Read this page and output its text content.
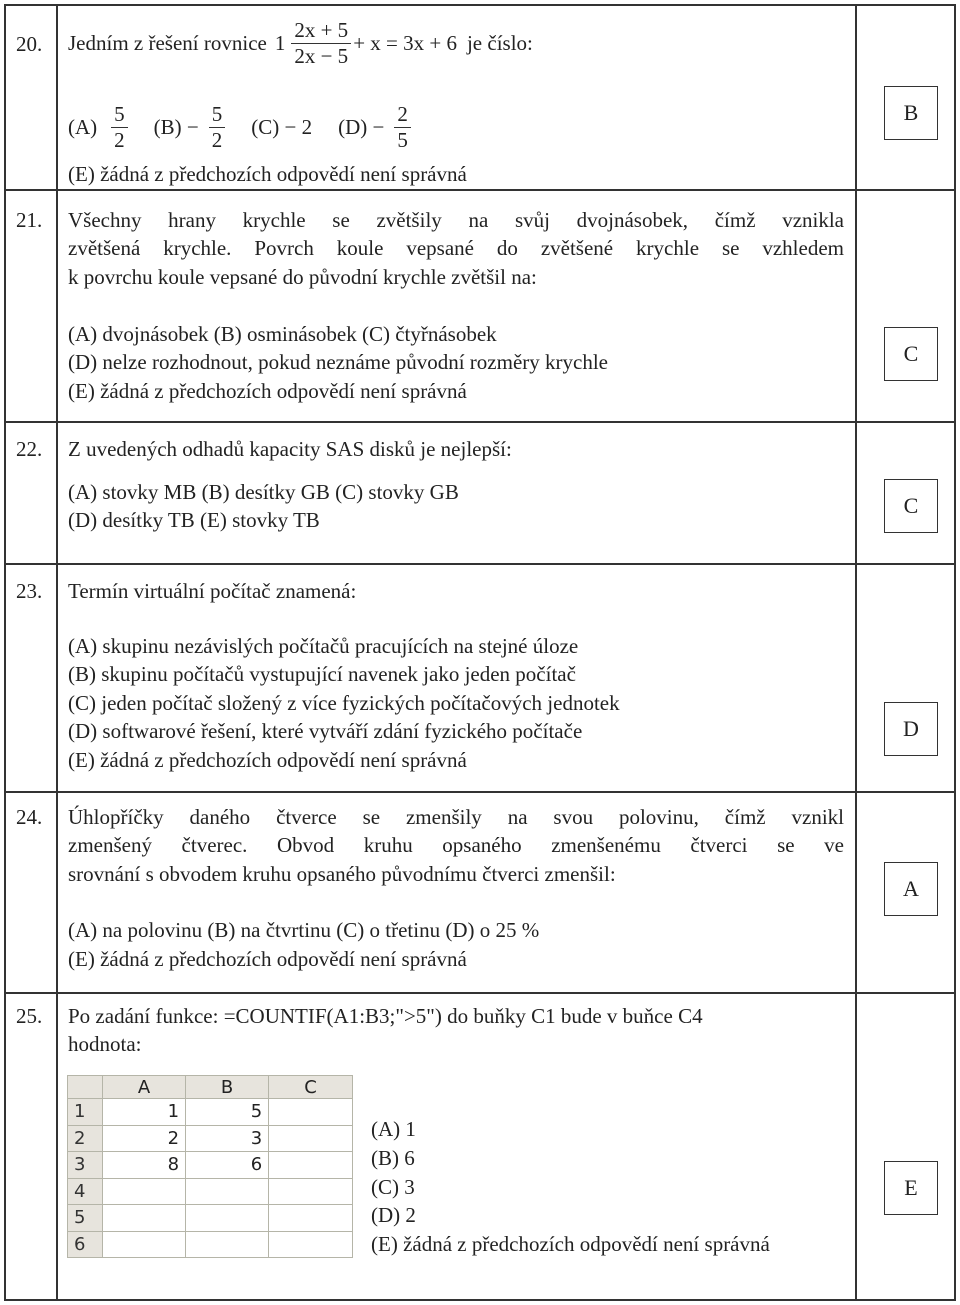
20. Jedním z řešení rovnice $1 \frac{2x + 5}{2x - 5} + x = 3x + 6$ je číslo:
$(A) \frac{5}{2} (B) - \frac{5}{2} (C) - 2$ $(D) - \frac{2}{5}$
(E) žádná z předchozích odpovědí není správná
B
21. Všechny hrany krychle se zvětšily na svůj dvojnásobek, čímž vznikla
zvětšená krychle. Povrch koule vepsané do zvětšené krychle se vzhledem
k povrchu koule vepsané do původní krychle zvětšil na:
(A) dvojnásobek (B) osminásobek (C) čtyřnásobek
(D) nelze rozhodnout, pokud neznáme původní rozměry krychle
(E) žádná z předchozích odpovědí není správná
C
22. Z uvedených odhadů kapacity SAS disků je nejlepší:
(A) stovky MB (B) desítky GB (C) stovky GB
(D) desítky TB (E) stovky TB
C
23. Termín virtuální počítač znamená:
(A) skupinu nezávislých počítačů pracujících na stejné úloze
(B) skupinu počítačů vystupující navenek jako jeden počítač
(C) jeden počítač složený z více fyzických počítačových jednotek
(D) softwarové řešení, které vytváří zdání fyzického počítače
(E) žádná z předchozích odpovědí není správná
D
24. Úhlopříčky daného čtverce se zmenšily na svou polovinu, čímž vznikl
zmenšený čtverec. Obvod kruhu opsaného zmenšenému čtverci se ve
srovnání s obvodem kruhu opsaného původnímu čtverci zmenšil:
(A) na polovinu (B) na čtvrtinu (C) o třetinu (D) o 25 %
(E) žádná z předchozích odpovědí není správná
A
25. Po zadání funkce: =COUNTIF(A1:B3;">5") do buňky C1 bude v buňce C4
hodnota:
	A	B	C
1	1	5	
2	2	3	
3	8	6	
4			
5			
6			
(A) 1
(B) 6
(C) 3
(D) 2
(E) žádná z předchozích odpovědí není správná
E
